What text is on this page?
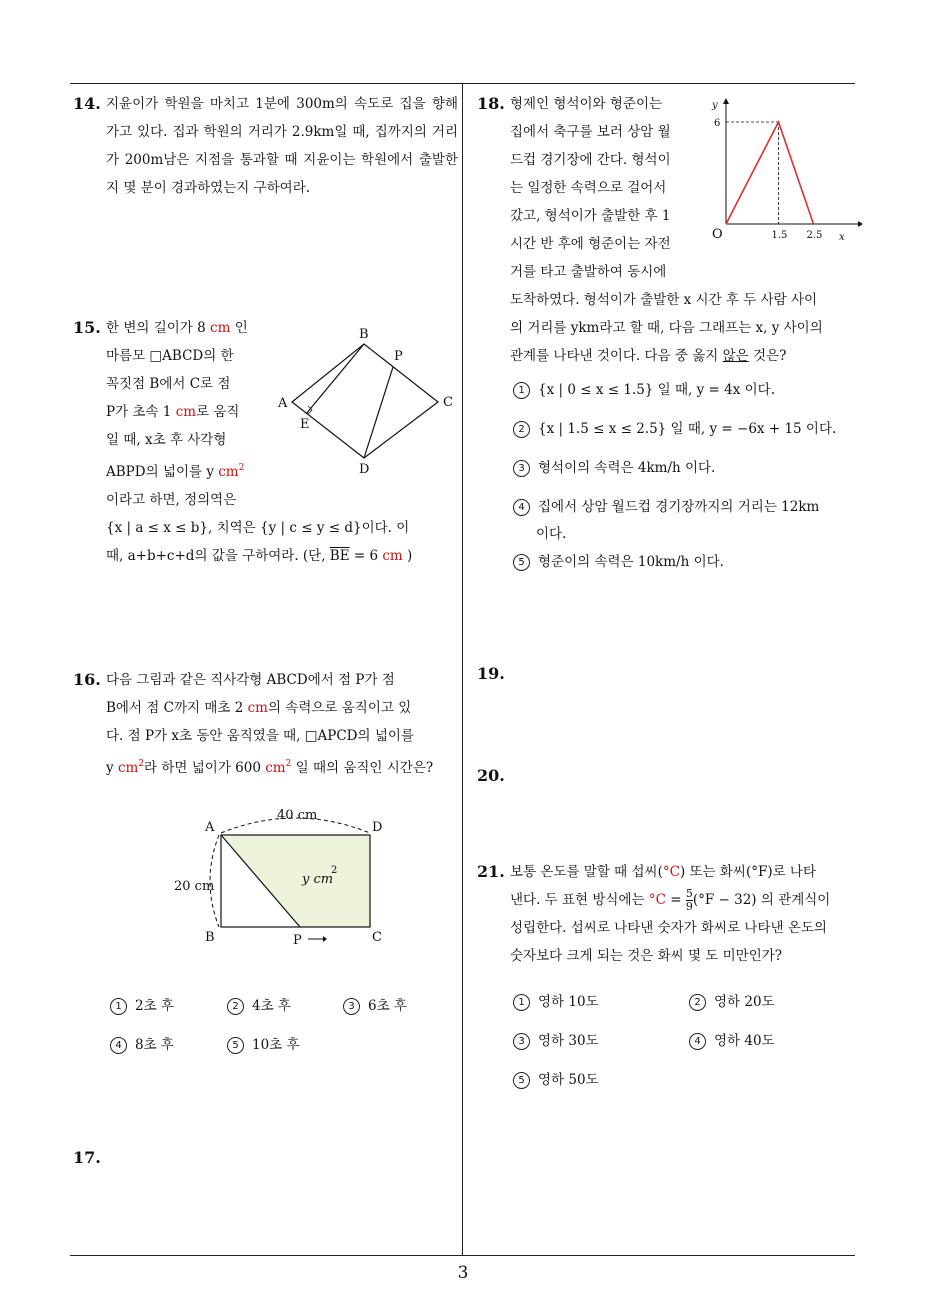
3
14. 지윤이가 학원을 마치고 1분에 300m의 속도로 집을 향해 가고 있다. 집과 학원의 거리가 2.9km일 때, 집까지의 거리가 200m남은 지점을 통과할 때 지윤이는 학원에서 출발한지 몇 분이 경과하였는지 구하여라.
15. 한 변의 길이가 8 cm 인
마름모 □ABCD의 한
꼭짓점 B에서 C로 점
P가 초속 1 cm로 움직
일 때, x초 후 사각형
ABPD의 넓이를 y $cm^2$
이라고 하면, 정의역은
{x | a ≤ x ≤ b}, 치역은 {y | c ≤ y ≤ d}이다. 이
때, a+b+c+d의 값을 구하여라. (단, $\overline{BE} = 6$ cm )
A
B
C
D
E
P
16. 다음 그림과 같은 직사각형 ABCD에서 점 P가 점
B에서 점 C까지 매초 2 cm의 속력으로 움직이고 있
다. 점 P가 x초 동안 움직였을 때, □APCD의 넓이를
y $cm^2$라 하면 넓이가 600 $cm^2$ 일 때의 움직인 시간은?
40 cm
20 cm	y cm
2
A
B	C
D
P
1 2초 후	2 4초 후	3 6초 후
4 8초 후	5 10초 후
17.
18. 형제인 형석이와 형준이는
집에서 축구를 보러 상암 월
드컵 경기장에 간다. 형석이
는 일정한 속력으로 걸어서
갔고, 형석이가 출발한 후 1
시간 반 후에 형준이는 자전
거를 타고 출발하여 동시에
도착하였다. 형석이가 출발한 x 시간 후 두 사람 사이
의 거리를 ykm라고 할 때, 다음 그래프는 x, y 사이의
관계를 나타낸 것이다. 다음 중 옳지 않은 것은?
y
x
O
6
1.5 2.5
1 {x | 0 ≤ x ≤ 1.5} 일 때, y = 4x 이다.
2 {x | 1.5 ≤ x ≤ 2.5} 일 때, y = −6x + 15 이다.
3 형석이의 속력은 4km/h 이다.
4 집에서 상암 월드컵 경기장까지의 거리는 12km
이다.
5 형준이의 속력은 10km/h 이다.
19.
20.
21. 보통 온도를 말할 때 섭씨(°C) 또는 화씨(°F)로 나타
낸다. 두 표현 방식에는 $^\circ C = \frac{5}{9} (^\circ F - 32)$ 의 관계식이
성립한다. 섭씨로 나타낸 숫자가 화씨로 나타낸 온도의
숫자보다 크게 되는 것은 화씨 몇 도 미만인가?
1 영하 10도	2 영하 20도
3 영하 30도	4 영하 40도
5 영하 50도
